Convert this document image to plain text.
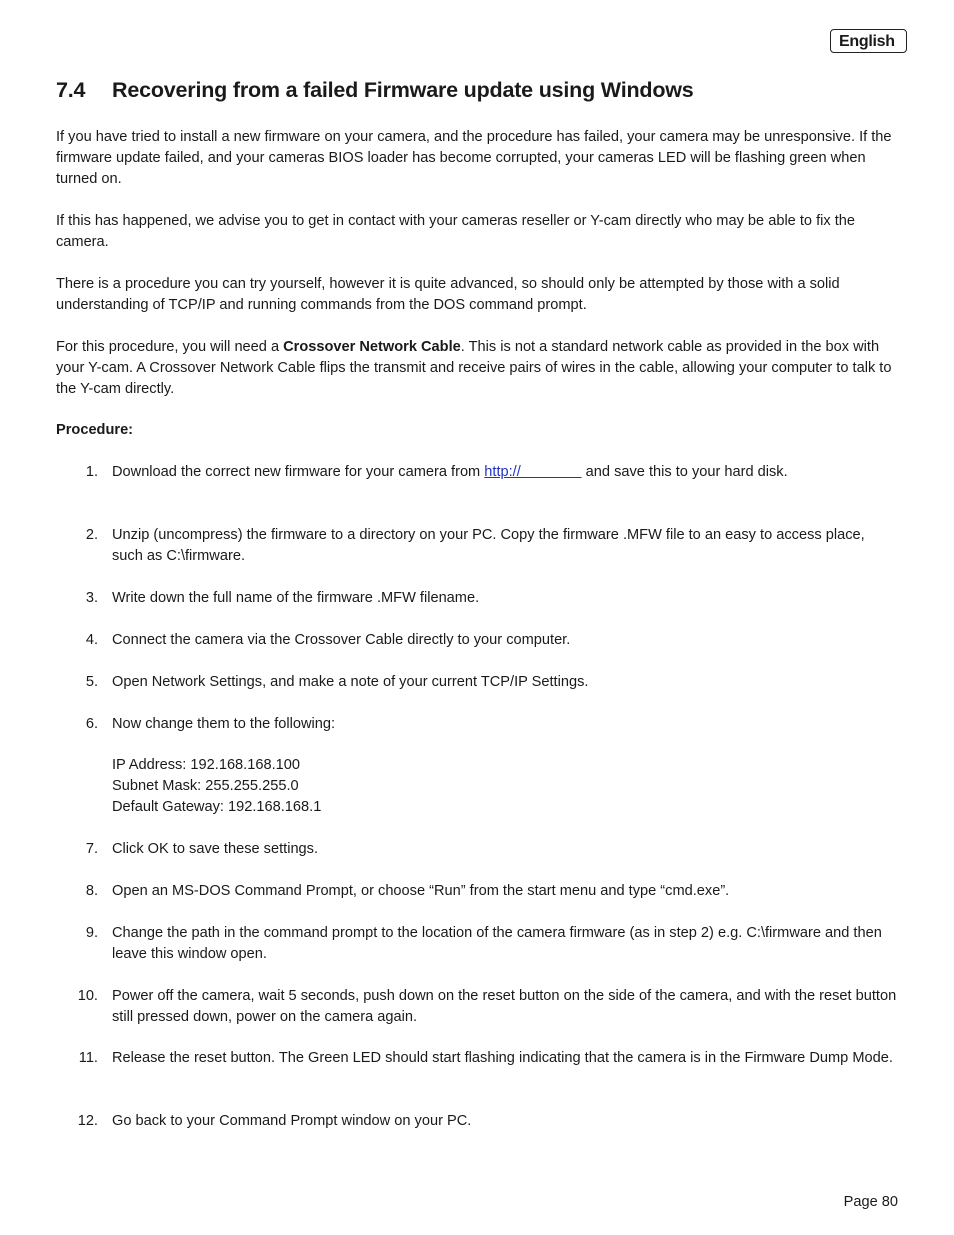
English
7.4 Recovering from a failed Firmware update using Windows

If you have tried to install a new firmware on your camera, and the procedure has failed, your camera may be unresponsive. If the firmware update failed, and your cameras BIOS loader has become corrupted, your cameras LED will be flashing green when turned on.

If this has happened, we advise you to get in contact with your cameras reseller or Y-cam directly who may be able to fix the camera.

There is a procedure you can try yourself, however it is quite advanced, so should only be attempted by those with a solid understanding of TCP/IP and running commands from the DOS command prompt.

For this procedure, you will need a Crossover Network Cable. This is not a standard network cable as provided in the box with your Y-cam. A Crossover Network Cable flips the transmit and receive pairs of wires in the cable, allowing your computer to talk to the Y-cam directly.

Procedure:

1. Download the correct new firmware for your camera from http://                and save this to your hard disk.

2. Unzip (uncompress) the firmware to a directory on your PC. Copy the firmware .MFW file to an easy to access place, such as C:\firmware.

3. Write down the full name of the firmware .MFW filename.

4. Connect the camera via the Crossover Cable directly to your computer.

5. Open Network Settings, and make a note of your current TCP/IP Settings.

6. Now change them to the following:

IP Address: 192.168.168.100

Subnet Mask: 255.255.255.0

Default Gateway: 192.168.168.1

7. Click OK to save these settings.

8. Open an MS-DOS Command Prompt, or choose “Run” from the start menu and type “cmd.exe”.

9. Change the path in the command prompt to the location of the camera firmware (as in step 2) e.g. C:\firmware and then leave this window open.

10. Power off the camera, wait 5 seconds, push down on the reset button on the side of the camera, and with the reset button still pressed down, power on the camera again.

11. Release the reset button. The Green LED should start flashing indicating that the camera is in the Firmware Dump Mode.

12. Go back to your Command Prompt window on your PC.

Page 80
